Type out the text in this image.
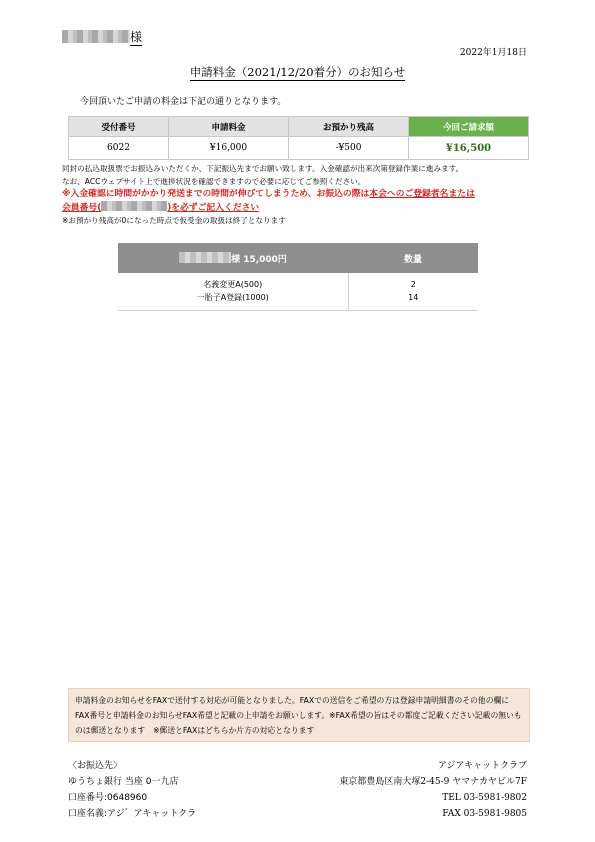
様
2022年1月18日
申請料金（2021/12/20着分）のお知らせ
今回頂いたご申請の料金は下記の通りとなります。
受付番号	申請料金	お預かり残高	今回ご請求額
6022	¥16,000	-¥500	¥16,500
同封の払込取扱票でお振込みいただくか、下記振込先までお願い致します。入金確認が出来次第登録作業に進みます。
なお、ACCウェブサイト上で進捗状況を確認できますので必要に応じてご参照ください。
※入金確認に時間がかかり発送までの時間が伸びてしまうため、お振込の際は本会へのご登録者名または
会員番号(	)を必ずご記入ください
※お預かり残高が0になった時点で仮受金の取扱は終了となります
様 15,000円	数量
名義変更A(500)	2
一胎子A登録(1000)	14
申請料金のお知らせをFAXで送付する対応が可能となりました。FAXでの送信をご希望の方は登録申請明細書のその他の欄にFAX番号と申請料金のお知らせFAX希望と記載の上申請をお願いします。※FAX希望の旨はその都度ご記載ください記載の無いものは郵送となります　※郵送とFAXはどちらか片方の対応となります
〈お振込先〉
ゆうちょ銀行 当座 0一九店
口座番号:0648960
口座名義:アジ゛アキャットクラ
アジアキャットクラブ
東京都豊島区南大塚2-45-9 ヤマナカヤビル7F
TEL 03-5981-9802
FAX 03-5981-9805
